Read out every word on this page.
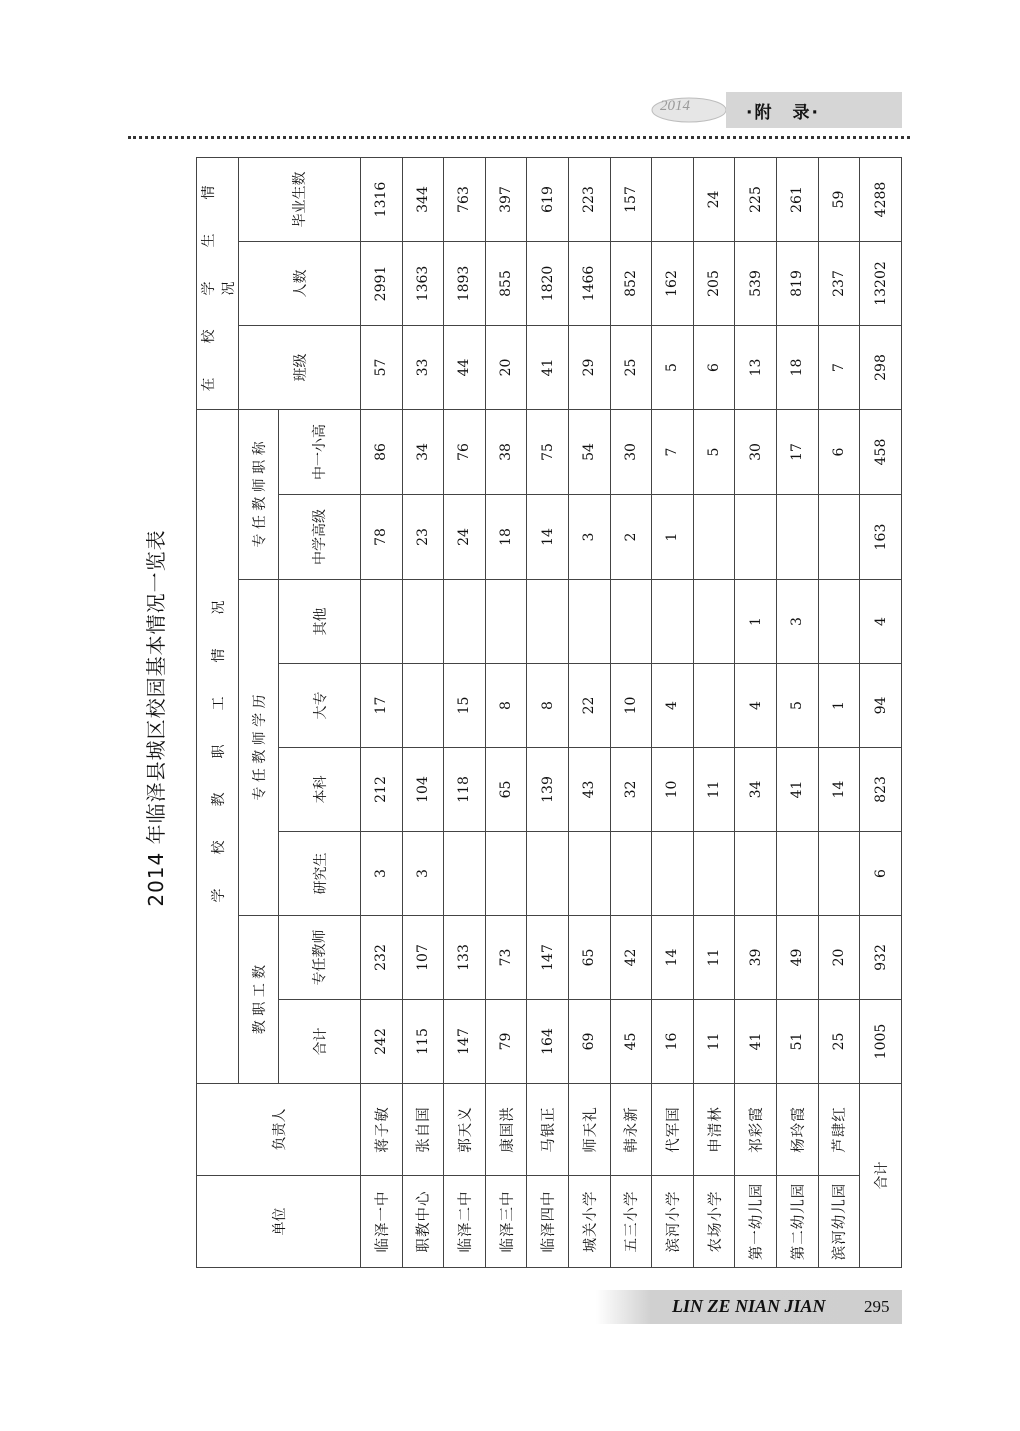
2014	·附　录·
2014 年临泽县城区校园基本情况一览表
单位	负责人	学　校　教　职　工　情　况								在　校　学　生　情　况		
		教 职 工 数		专 任 教 师 学 历				专 任 教 师 职 称		班级	人数	毕业生数

		合计	专任教师	研究生	本科	大专	其他	中学高级	中一小高			

临泽一中	蒋子敏	242	232	3	212	17		78	86	57	2991	1316
职教中心	张自国	115	107	3	104			23	34	33	1363	344
临泽二中	郭天义	147	133		118	15		24	76	44	1893	763
临泽三中	康国洪	79	73		65	8		18	38	20	855	397
临泽四中	马银正	164	147		139	8		14	75	41	1820	619
城关小学	师天礼	69	65		43	22		3	54	29	1466	223
五三小学	韩永新	45	42		32	10		2	30	25	852	157
滨河小学	代军国	16	14		10	4		1	7	5	162	
农场小学	申清林	11	11		11				5	6	205	24
第一幼儿园	祁彩霞	41	39		34	4	1		30	13	539	225
第二幼儿园	杨玲霞	51	49		41	5	3		17	18	819	261
滨河幼儿园	芦肆红	25	20		14	1			6	7	237	59
合计		1005	932	6	823	94	4	163	458	298	13202	4288
LIN ZE NIAN JIAN 295
